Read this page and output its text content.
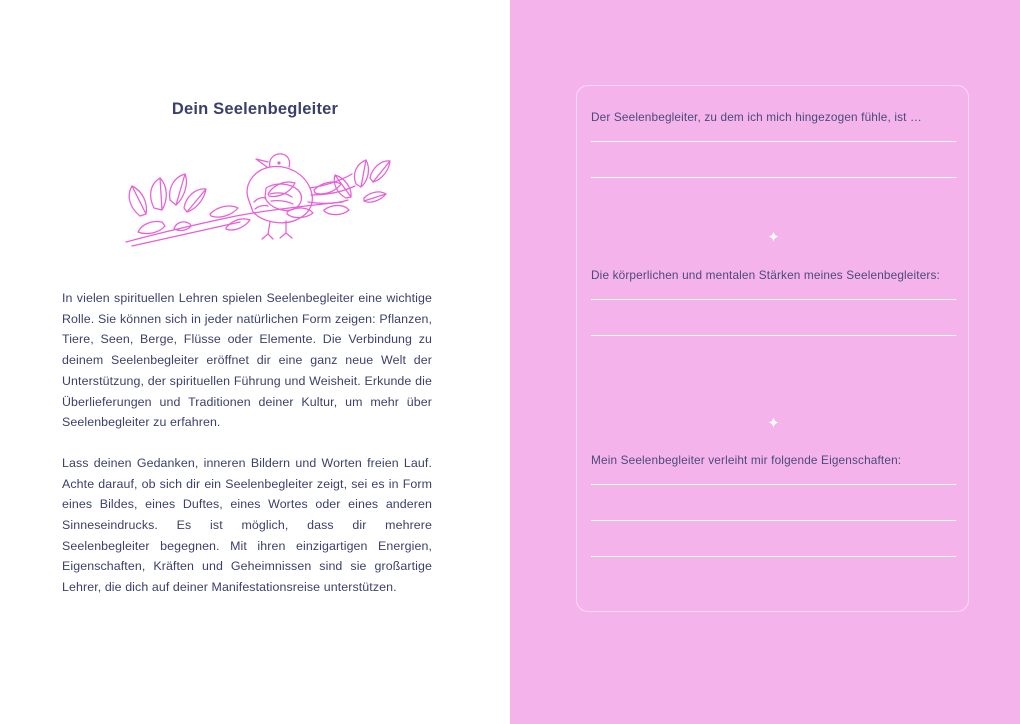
Dein Seelenbegleiter

In vielen spirituellen Lehren spielen Seelenbegleiter eine wichtige Rolle. Sie können sich in jeder natürlichen Form zeigen: Pflanzen, Tiere, Seen, Berge, Flüsse oder Elemente. Die Verbindung zu deinem Seelenbegleiter eröffnet dir eine ganz neue Welt der Unterstützung, der spirituellen Führung und Weisheit. Erkunde die Überlieferungen und Traditionen deiner Kultur, um mehr über Seelenbegleiter zu erfahren.

Lass deinen Gedanken, inneren Bildern und Worten freien Lauf. Achte darauf, ob sich dir ein Seelenbegleiter zeigt, sei es in Form eines Bildes, eines Duftes, eines Wortes oder eines anderen Sinneseindrucks. Es ist möglich, dass dir mehrere Seelenbegleiter begegnen. Mit ihren einzigartigen Energien, Eigenschaften, Kräften und Geheimnissen sind sie großartige Lehrer, die dich auf deiner Manifestationsreise unterstützen.

Der Seelenbegleiter, zu dem ich mich hingezogen fühle, ist …

✦

Die körperlichen und mentalen Stärken meines Seelenbegleiters:

✦

Mein Seelenbegleiter verleiht mir folgende Eigenschaften:
